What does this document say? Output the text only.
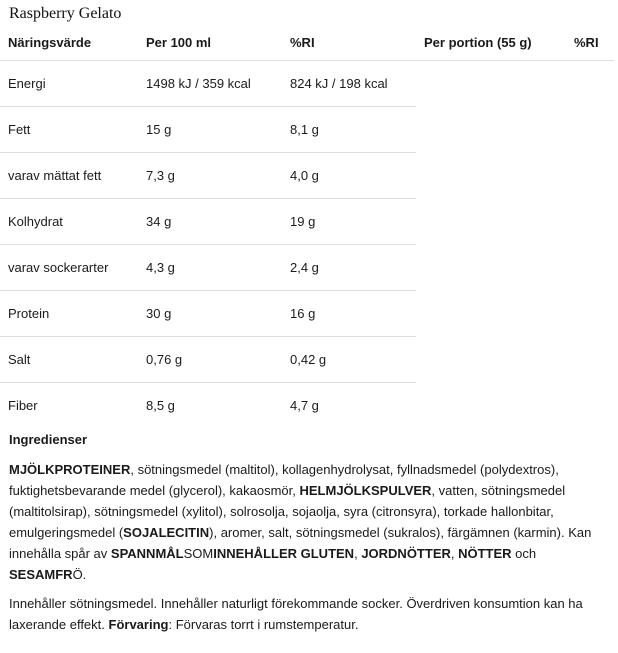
Raspberry Gelato
Näringsvärde	Per 100 ml	%RI	Per portion (55 g)	%RI
Energi	1498 kJ / 359 kcal	824 kJ / 198 kcal		
Fett	15 g	8,1 g		
varav mättat fett	7,3 g	4,0 g		
Kolhydrat	34 g	19 g		
varav sockerarter	4,3 g	2,4 g		
Protein	30 g	16 g		
Salt	0,76 g	0,42 g		
Fiber	8,5 g	4,7 g		
Ingredienser
MJÖLKPROTEINER, sötningsmedel (maltitol), kollagenhydrolysat, fyllnadsmedel (polydextros), fuktighetsbevarande medel (glycerol), kakaosmör, HELMJÖLKSPULVER, vatten, sötningsmedel (maltitolsirap), sötningsmedel (xylitol), solrosolja, sojaolja, syra (citronsyra), torkade hallonbitar, emulgeringsmedel (SOJALECITIN), aromer, salt, sötningsmedel (sukralos), färgämnen (karmin). Kan innehålla spår av SPANNMÅLSOMINNEHÅLLER GLUTEN, JORDNÖTTER, NÖTTER och SESAMFRÖ.
Innehåller sötningsmedel. Innehåller naturligt förekommande socker. Överdriven konsumtion kan ha laxerande effekt. Förvaring: Förvaras torrt i rumstemperatur.
